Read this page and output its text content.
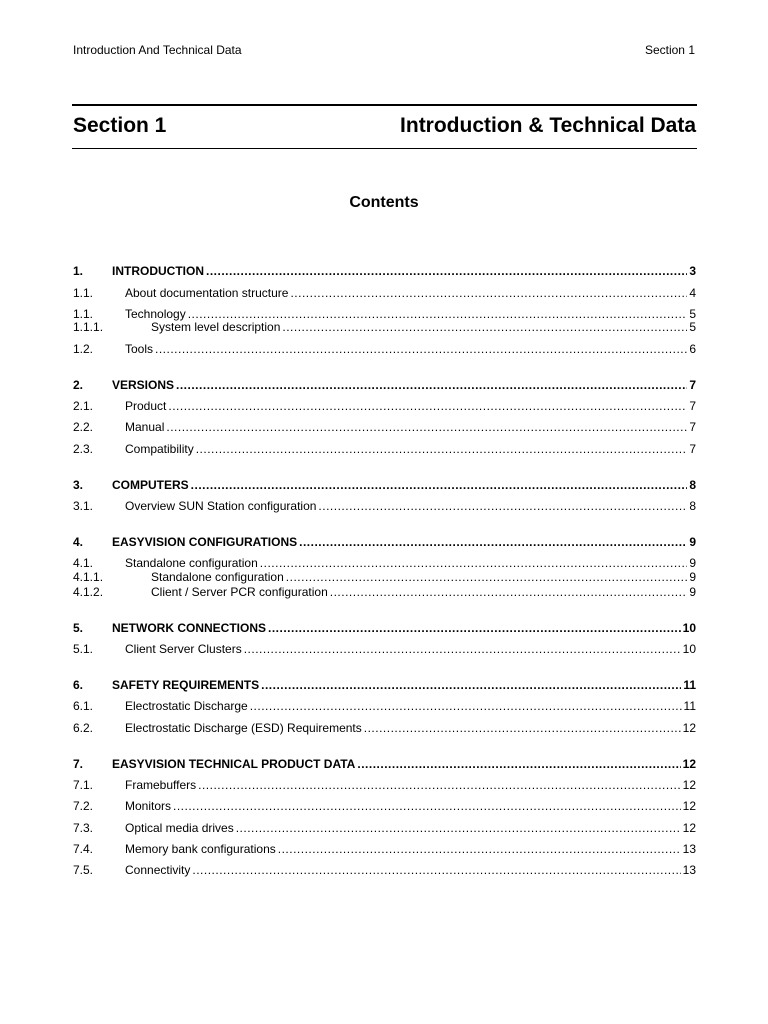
Introduction And Technical Data	Section 1
Section 1	Introduction & Technical Data
Contents
1. INTRODUCTION .....	3
1.1.	About documentation structure .....	4
1.1.	Technology .....	5
1.1.1.	System level description .....	5
1.2.	Tools .....	6
2. VERSIONS .....	7
2.1.	Product .....	7
2.2.	Manual .....	7
2.3.	Compatibility .....	7
3. COMPUTERS .....	8
3.1.	Overview SUN Station configuration .....	8
4. EASYVISION CONFIGURATIONS .....	9
4.1.	Standalone configuration .....	9
4.1.1.	Standalone configuration .....	9
4.1.2.	Client / Server PCR configuration .....	9
5. NETWORK CONNECTIONS .....	10
5.1.	Client Server Clusters .....	10
6. SAFETY REQUIREMENTS .....	11
6.1.	Electrostatic Discharge .....	11
6.2.	Electrostatic Discharge (ESD) Requirements .....	12
7. EASYVISION TECHNICAL PRODUCT DATA .....	12
7.1.	Framebuffers .....	12
7.2.	Monitors .....	12
7.3.	Optical media drives .....	12
7.4.	Memory bank configurations .....	13
7.5.	Connectivity .....	13
